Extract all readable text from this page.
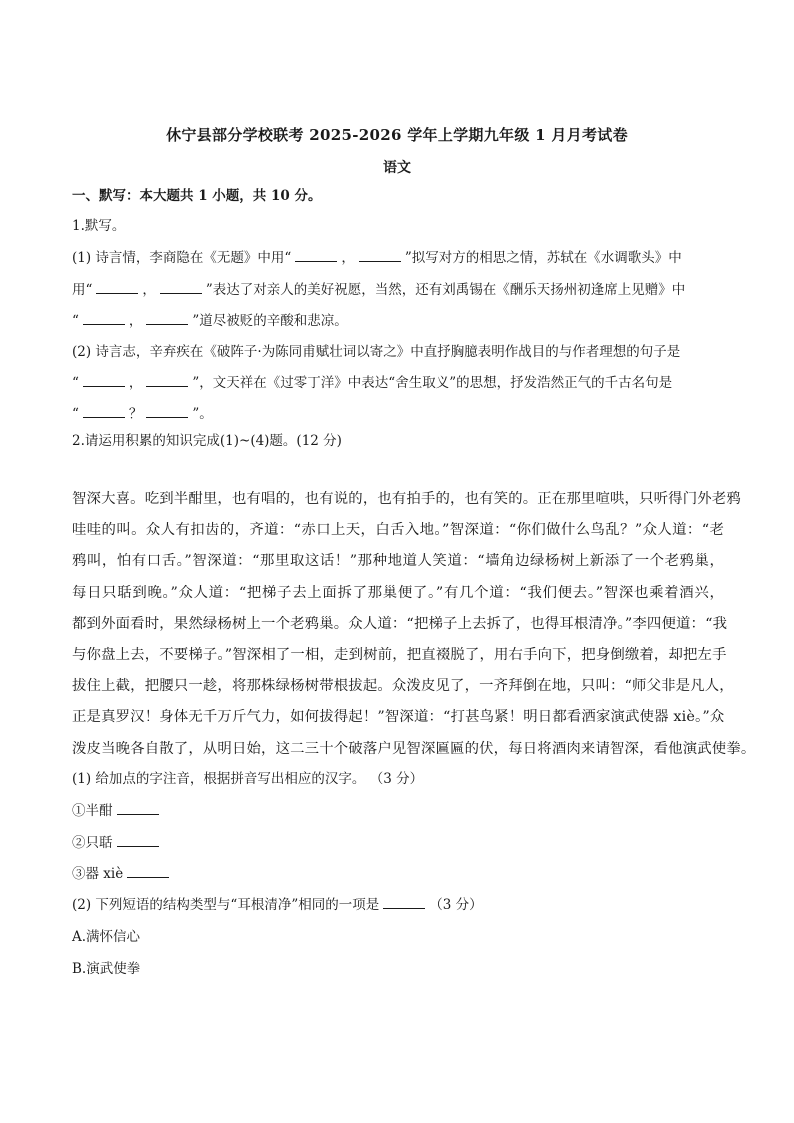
休宁县部分学校联考 2025-2026 学年上学期九年级 1 月月考试卷
语文
一、默写：本大题共 1 小题，共 10 分。
1.默写。
(1) 诗言情，李商隐在《无题》中用“	，	”拟写对方的相思之情，苏轼在《水调歌头》中
用“	，	”表达了对亲人的美好祝愿，当然，还有刘禹锡在《酬乐天扬州初逢席上见赠》中
“	，	”道尽被贬的辛酸和悲凉。
(2) 诗言志，辛弃疾在《破阵子·为陈同甫赋壮词以寄之》中直抒胸臆表明作战目的与作者理想的句子是
“	，	”，文天祥在《过零丁洋》中表达“舍生取义”的思想，抒发浩然正气的千古名句是
“	？	”。
2.请运用积累的知识完成(1)~(4)题。(12 分)

智深大喜。吃到半酣里，也有唱的，也有说的，也有拍手的，也有笑的。正在那里喧哄，只听得门外老鸦

哇哇的叫。众人有扣齿的，齐道：“赤口上天，白舌入地。”智深道：“你们做什么鸟乱？”众人道：“老

鸦叫，怕有口舌。”智深道：“那里取这话！”那种地道人笑道：“墙角边绿杨树上新添了一个老鸦巢，

每日只聒到晚。”众人道：“把梯子去上面拆了那巢便了。”有几个道：“我们便去。”智深也乘着酒兴，

都到外面看时，果然绿杨树上一个老鸦巢。众人道：“把梯子上去拆了，也得耳根清净。”李四便道：“我

与你盘上去，不要梯子。”智深相了一相，走到树前，把直裰脱了，用右手向下，把身倒缴着，却把左手

拔住上截，把腰只一趁，将那株绿杨树带根拔起。众泼皮见了，一齐拜倒在地，只叫：“师父非是凡人，

正是真罗汉！身体无千万斤气力，如何拔得起！”智深道：“打甚鸟紧！明日都看洒家演武使器 xiè。”众

泼皮当晚各自散了，从明日始，这二三十个破落户见智深匾匾的伏，每日将酒肉来请智深，看他演武使拳。

(1) 给加点的字注音，根据拼音写出相应的汉字。 （3 分）
①半酣
②只聒
③器 xiè
(2) 下列短语的结构类型与“耳根清净”相同的一项是	（3 分）
A.满怀信心
B.演武使拳
